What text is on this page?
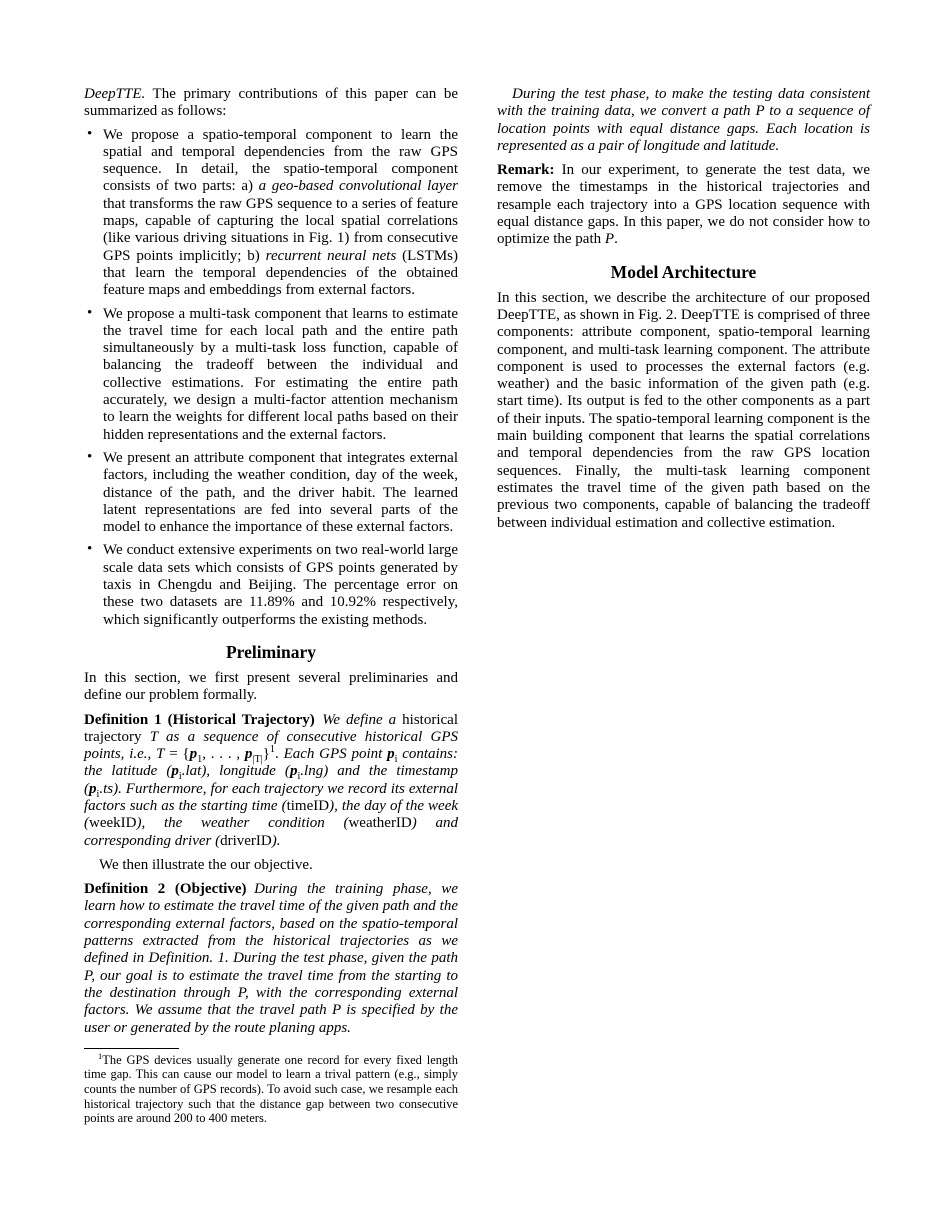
DeepTTE. The primary contributions of this paper can be summarized as follows:

• We propose a spatio-temporal component to learn the spatial and temporal dependencies from the raw GPS sequence. In detail, the spatio-temporal component consists of two parts: a) a geo-based convolutional layer that transforms the raw GPS sequence to a series of feature maps, capable of capturing the local spatial correlations (like various driving situations in Fig. 1) from consecutive GPS points implicitly; b) recurrent neural nets (LSTMs) that learn the temporal dependencies of the obtained feature maps and embeddings from external factors.
• We propose a multi-task component that learns to estimate the travel time for each local path and the entire path simultaneously by a multi-task loss function, capable of balancing the tradeoff between the individual and collective estimations. For estimating the entire path accurately, we design a multi-factor attention mechanism to learn the weights for different local paths based on their hidden representations and the external factors.
• We present an attribute component that integrates external factors, including the weather condition, day of the week, distance of the path, and the driver habit. The learned latent representations are fed into several parts of the model to enhance the importance of these external factors.
• We conduct extensive experiments on two real-world large scale data sets which consists of GPS points generated by taxis in Chengdu and Beijing. The percentage error on these two datasets are 11.89% and 10.92% respectively, which significantly outperforms the existing methods.
Preliminary

In this section, we first present several preliminaries and define our problem formally.

Definition 1 (Historical Trajectory)  We define a historical trajectory T as a sequence of consecutive historical GPS points, i.e., $T = \{p_1$, . . . , $p_{|T|}\}^1$. Each GPS point $p_i$ contains: the latitude $(p_i.lat)$, longitude $(p_i.\ln g)$ and the timestamp $(p_i.ts)$. Furthermore, for each trajectory we record its external factors such as the starting time (timeID), the day of the week (weekID), the weather condition (weatherID) and corresponding driver (driverID).

We then illustrate the our objective.

Definition 2 (Objective)  During the training phase, we learn how to estimate the travel time of the given path and the corresponding external factors, based on the spatio-temporal patterns extracted from the historical trajectories as we defined in Definition. 1. During the test phase, given the path P, our goal is to estimate the travel time from the starting to the destination through P, with the corresponding external factors. We assume that the travel path P is specified by the user or generated by the route planing apps.

$^1$The GPS devices usually generate one record for every fixed length time gap. This can cause our model to learn a trival pattern (e.g., simply counts the number of GPS records). To avoid such case, we resample each historical trajectory such that the distance gap between two consecutive points are around 200 to 400 meters.

During the test phase, to make the testing data consistent with the training data, we convert a path P to a sequence of location points with equal distance gaps. Each location is represented as a pair of longitude and latitude.

Remark: In our experiment, to generate the test data, we remove the timestamps in the historical trajectories and resample each trajectory into a GPS location sequence with equal distance gaps. In this paper, we do not consider how to optimize the path P.

Model Architecture

In this section, we describe the architecture of our proposed DeepTTE, as shown in Fig. 2. DeepTTE is comprised of three components: attribute component, spatio-temporal learning component, and multi-task learning component. The attribute component is used to processes the external factors (e.g. weather) and the basic information of the given path (e.g. start time). Its output is fed to the other components as a part of their inputs. The spatio-temporal learning component is the main building component that learns the spatial correlations and temporal dependencies from the raw GPS location sequences. Finally, the multi-task learning component estimates the travel time of the given path based on the previous two components, capable of balancing the tradeoff between individual estimation and collective estimation.
